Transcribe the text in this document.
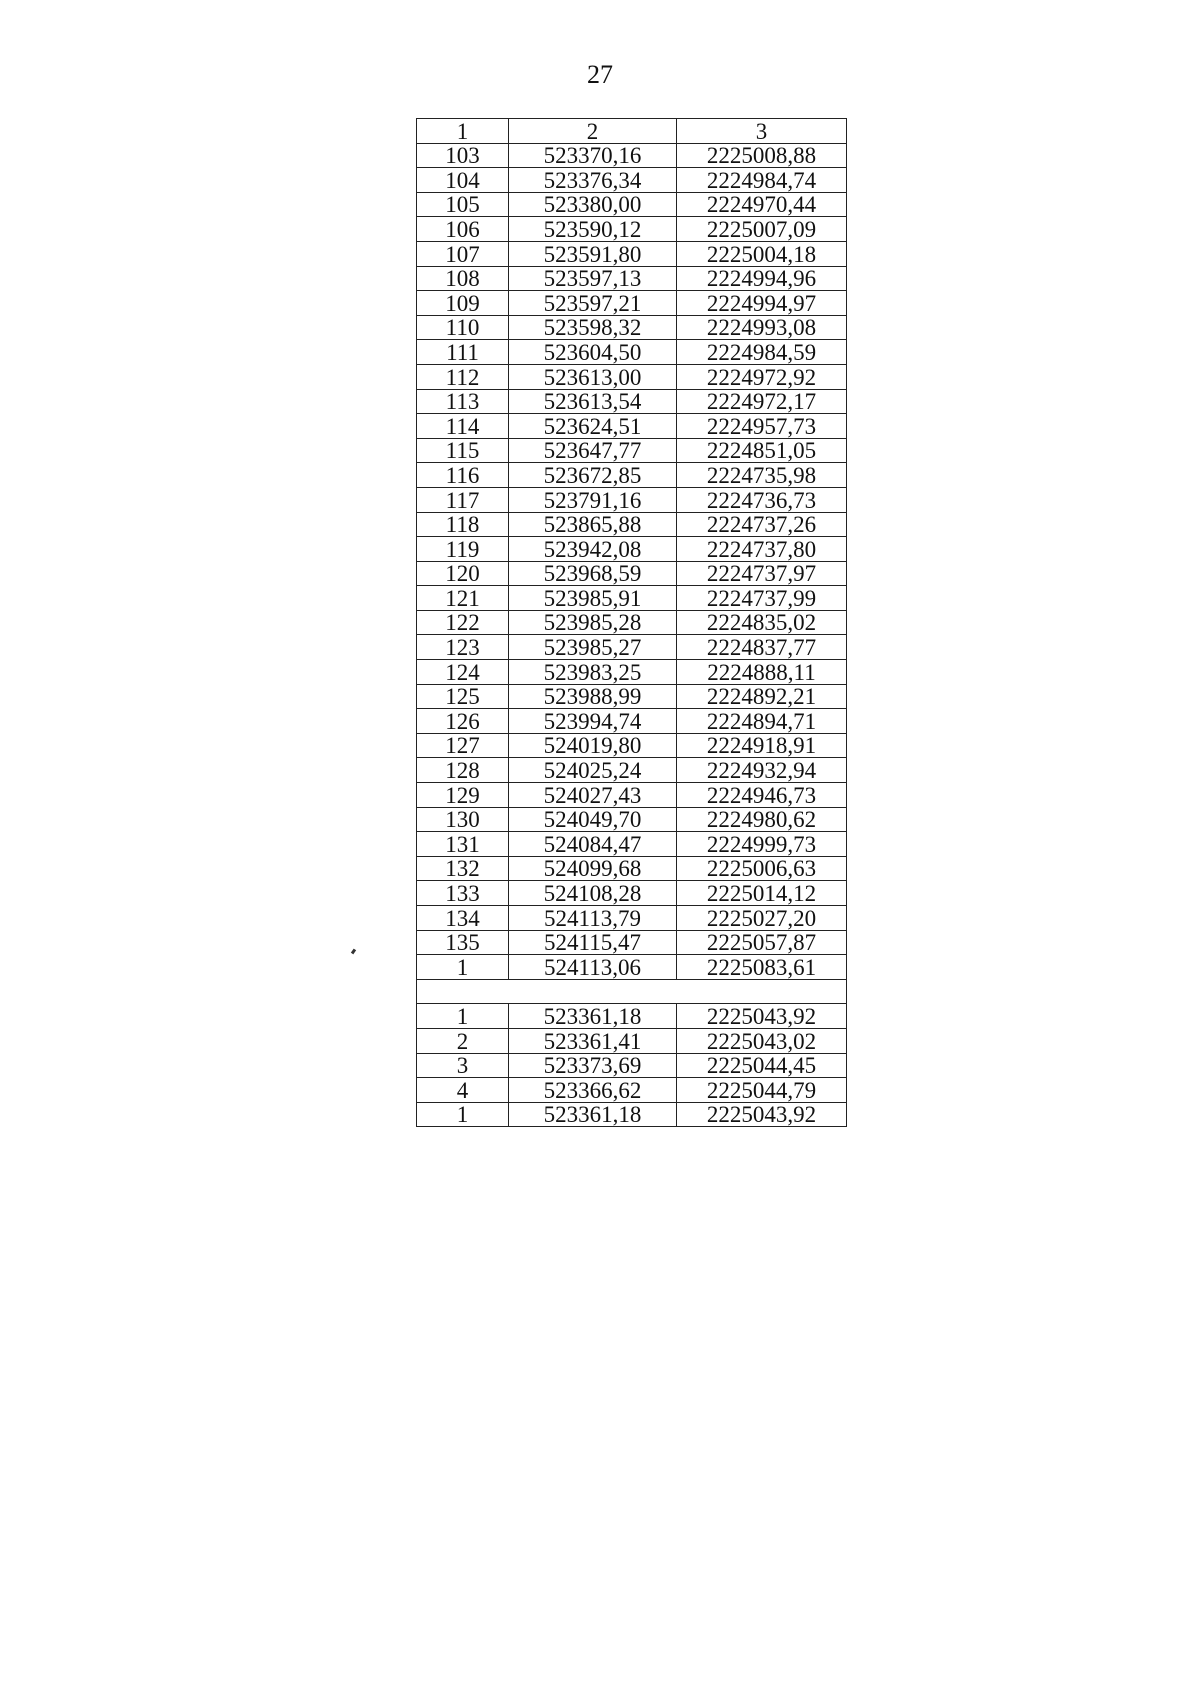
27
1	2	3
103	523370,16	2225008,88
104	523376,34	2224984,74
105	523380,00	2224970,44
106	523590,12	2225007,09
107	523591,80	2225004,18
108	523597,13	2224994,96
109	523597,21	2224994,97
110	523598,32	2224993,08
111	523604,50	2224984,59
112	523613,00	2224972,92
113	523613,54	2224972,17
114	523624,51	2224957,73
115	523647,77	2224851,05
116	523672,85	2224735,98
117	523791,16	2224736,73
118	523865,88	2224737,26
119	523942,08	2224737,80
120	523968,59	2224737,97
121	523985,91	2224737,99
122	523985,28	2224835,02
123	523985,27	2224837,77
124	523983,25	2224888,11
125	523988,99	2224892,21
126	523994,74	2224894,71
127	524019,80	2224918,91
128	524025,24	2224932,94
129	524027,43	2224946,73
130	524049,70	2224980,62
131	524084,47	2224999,73
132	524099,68	2225006,63
133	524108,28	2225014,12
134	524113,79	2225027,20
135	524115,47	2225057,87
1	524113,06	2225083,61

1	523361,18	2225043,92
2	523361,41	2225043,02
3	523373,69	2225044,45
4	523366,62	2225044,79
1	523361,18	2225043,92
